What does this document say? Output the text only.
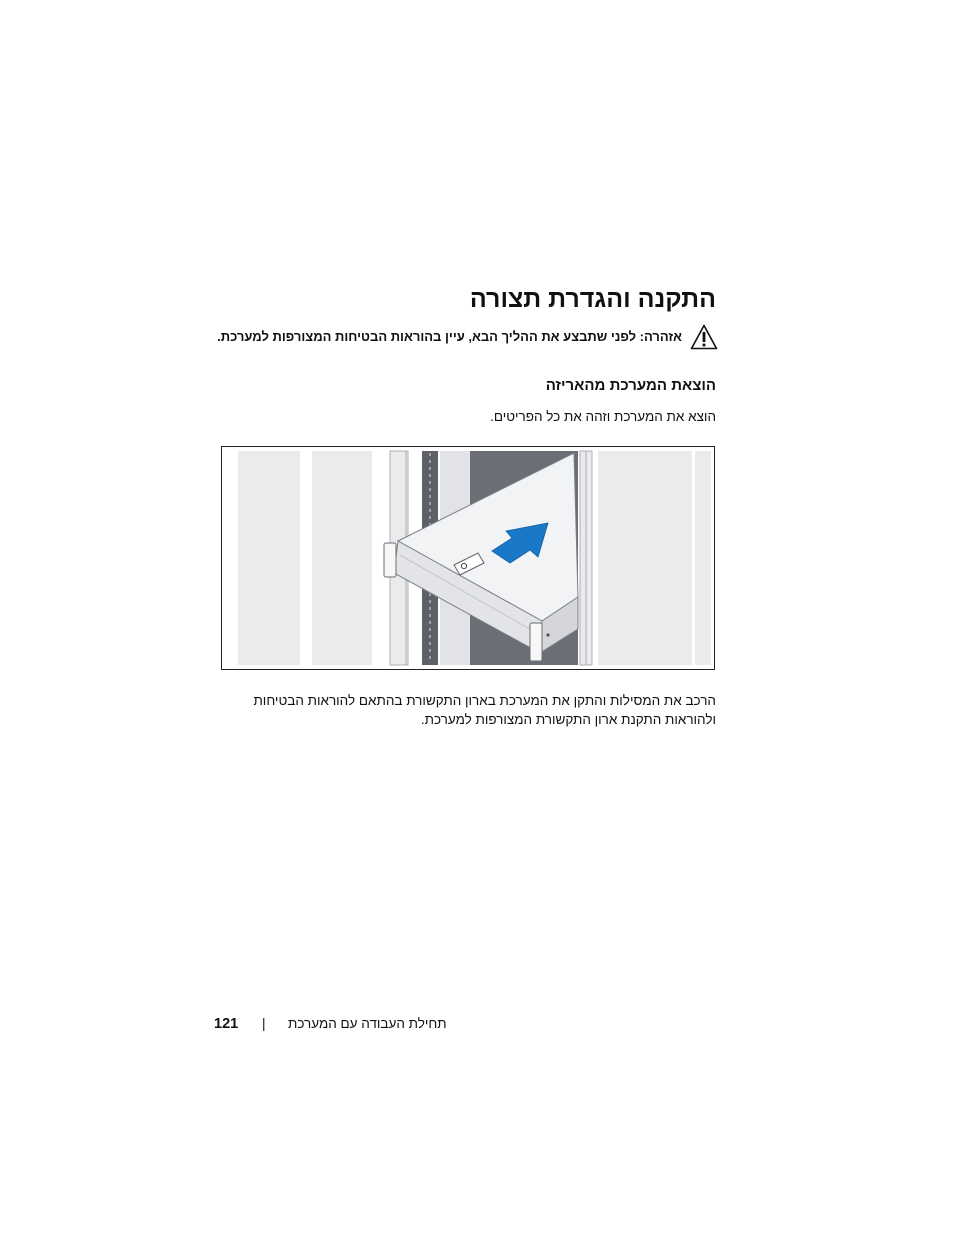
התקנה והגדרת תצורה
אזהרה: לפני שתבצע את ההליך הבא, עיין בהוראות הבטיחות המצורפות למערכת.
הוצאת המערכת מהאריזה

הוצא את המערכת וזהה את כל הפריטים.

הרכב את המסילות והתקן את המערכת בארון התקשורת בהתאם להוראות הבטיחות ולהוראות התקנת ארון התקשורת המצורפות למערכת.

121 | תחילת העבודה עם המערכת
